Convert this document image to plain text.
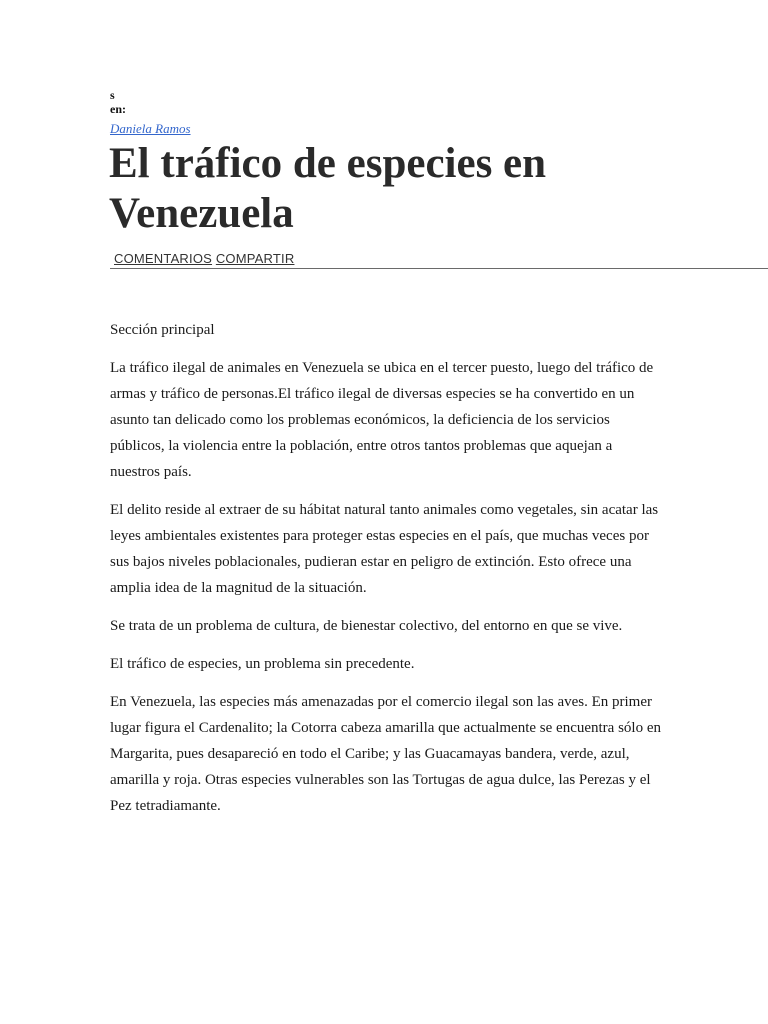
s
en:
Daniela Ramos
El tráfico de especies en Venezuela
COMENTARIOS COMPARTIR

Sección principal

La tráfico ilegal de animales en Venezuela se ubica en el tercer puesto, luego del tráfico de armas y tráfico de personas.El tráfico ilegal de diversas especies se ha convertido en un asunto tan delicado como los problemas económicos, la deficiencia de los servicios públicos, la violencia entre la población, entre otros tantos problemas que aquejan a nuestros país.

El delito reside al extraer de su hábitat natural tanto animales como vegetales, sin acatar las leyes ambientales existentes para proteger estas especies en el país, que muchas veces por sus bajos niveles poblacionales, pudieran estar en peligro de extinción. Esto ofrece una amplia idea de la magnitud de la situación.

Se trata de un problema de cultura, de bienestar colectivo, del entorno en que se vive.

El tráfico de especies, un problema sin precedente.

En Venezuela, las especies más amenazadas por el comercio ilegal son las aves. En primer lugar figura el Cardenalito; la Cotorra cabeza amarilla que actualmente se encuentra sólo en Margarita, pues desapareció en todo el Caribe; y las Guacamayas bandera, verde, azul, amarilla y roja. Otras especies vulnerables son las Tortugas de agua dulce, las Perezas y el Pez tetradiamante.
